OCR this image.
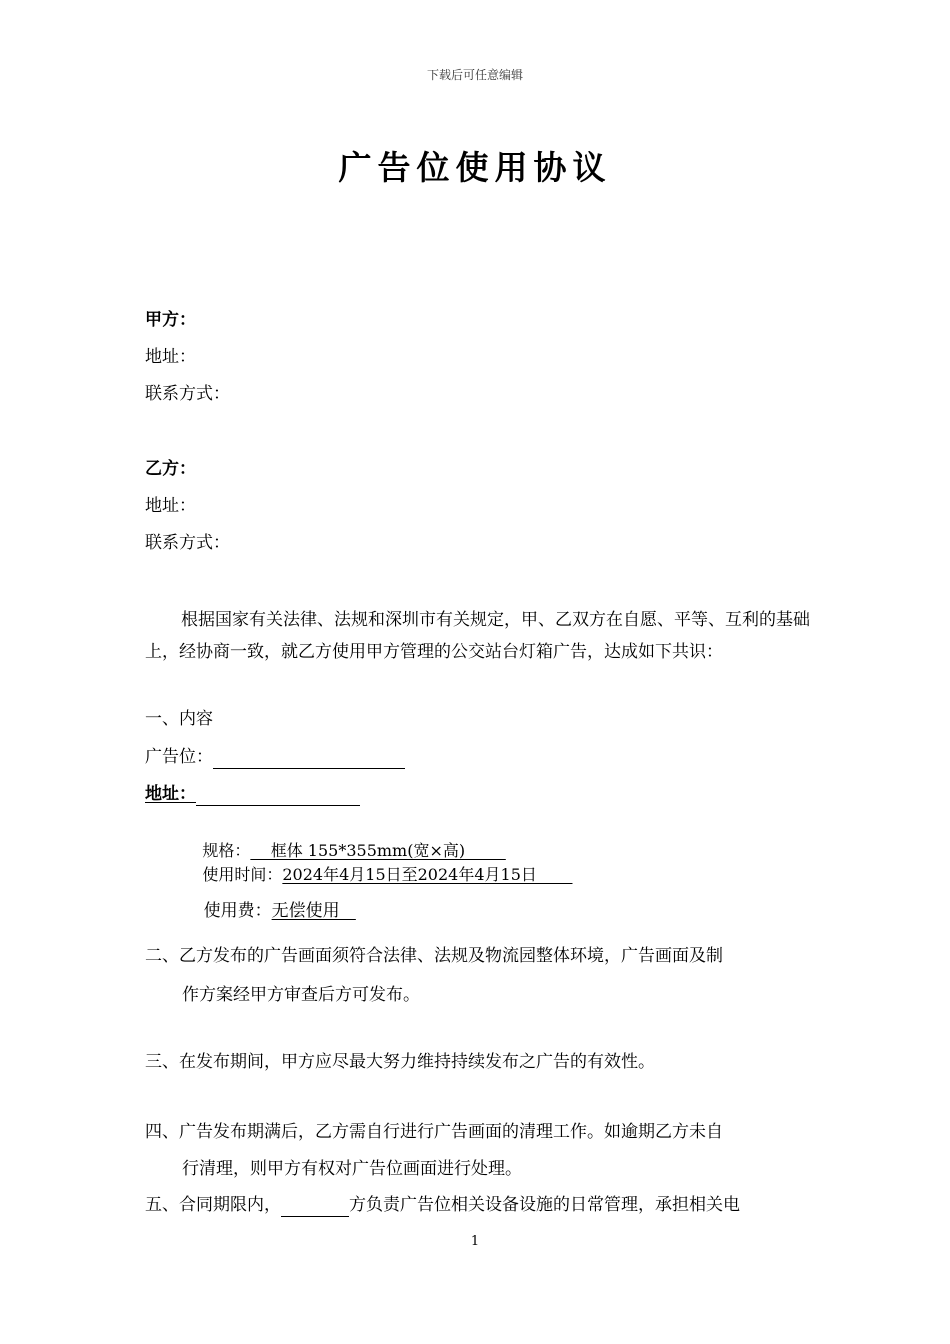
下载后可任意编辑
广告位使用协议
甲方：
地址：
联系方式：
乙方：
地址：
联系方式：
根据国家有关法律、法规和深圳市有关规定，甲、乙双方在自愿、平等、互利的基础上，经协商一致，就乙方使用甲方管理的公交站台灯箱广告，达成如下共识：
一、内容
广告位：
地址：

规格：    框体 155*355mm(宽×高)

使用时间：2024年4月15日至2024年4月15日

使用费：无偿使用

二、乙方发布的广告画面须符合法律、法规及物流园整体环境，广告画面及制
作方案经甲方审查后方可发布。
三、在发布期间，甲方应尽最大努力维持持续发布之广告的有效性。
四、广告发布期满后，乙方需自行进行广告画面的清理工作。如逾期乙方未自
行清理，则甲方有权对广告位画面进行处理。
五、合同期限内，	方负责广告位相关设备设施的日常管理，承担相关电
1
